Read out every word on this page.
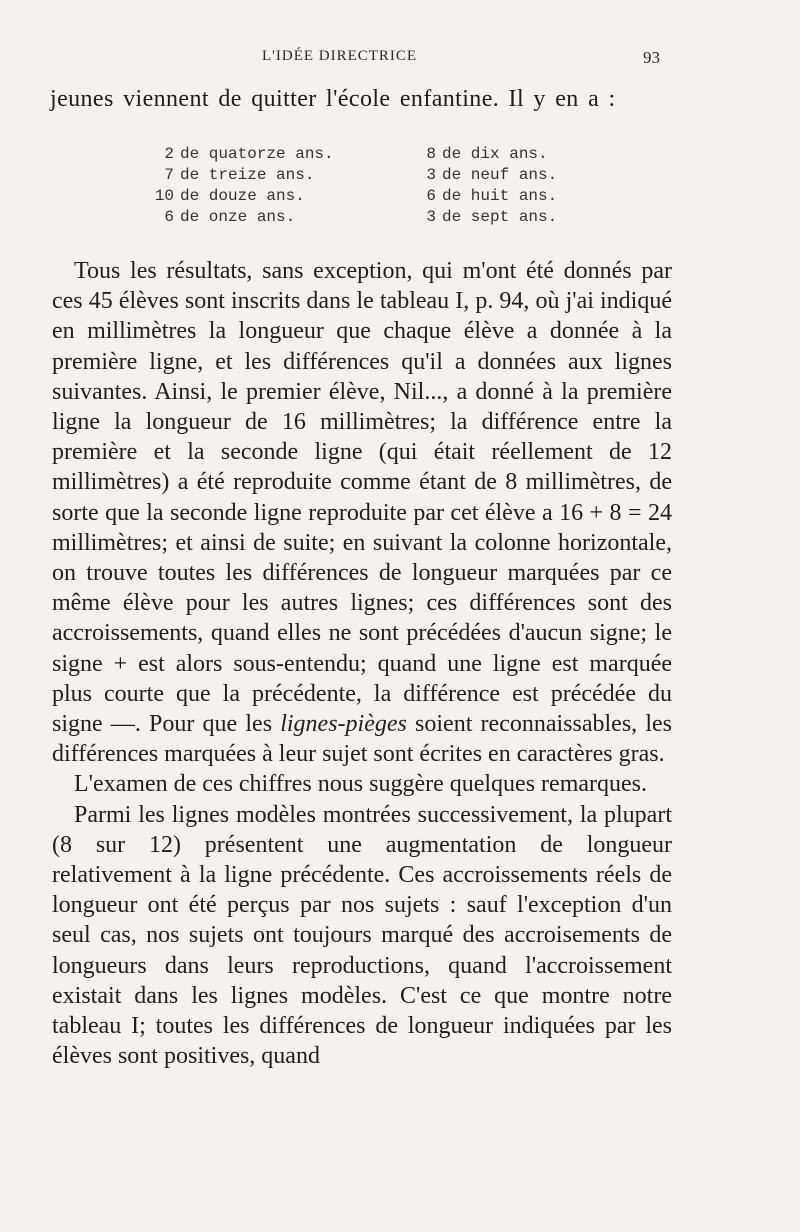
L'IDÉE DIRECTRICE	93
jeunes viennent de quitter l'école enfantine. Il y en a :
2 de quatorze ans.
7 de treize ans.
10 de douze ans.
6 de onze ans.
8 de dix ans.
3 de neuf ans.
6 de huit ans.
3 de sept ans.

Tous les résultats, sans exception, qui m'ont été donnés par ces 45 élèves sont inscrits dans le tableau I, p. 94, où j'ai indiqué en millimètres la longueur que chaque élève a donnée à la première ligne, et les différences qu'il a données aux lignes suivantes. Ainsi, le premier élève, Nil..., a donné à la première ligne la longueur de 16 millimètres; la différence entre la première et la seconde ligne (qui était réellement de 12 millimètres) a été reproduite comme étant de 8 millimètres, de sorte que la seconde ligne reproduite par cet élève a 16 + 8 = 24 millimètres; et ainsi de suite; en suivant la colonne horizontale, on trouve toutes les différences de longueur marquées par ce même élève pour les autres lignes; ces différences sont des accroissements, quand elles ne sont précédées d'aucun signe; le signe + est alors sous-entendu; quand une ligne est marquée plus courte que la précédente, la différence est précédée du signe —. Pour que les lignes-pièges soient reconnaissables, les différences marquées à leur sujet sont écrites en caractères gras.

L'examen de ces chiffres nous suggère quelques remarques.

Parmi les lignes modèles montrées successivement, la plupart (8 sur 12) présentent une augmentation de longueur relativement à la ligne précédente. Ces accroissements réels de longueur ont été perçus par nos sujets : sauf l'exception d'un seul cas, nos sujets ont toujours marqué des accroisements de longueurs dans leurs reproductions, quand l'accroissement existait dans les lignes modèles. C'est ce que montre notre tableau I; toutes les différences de longueur indiquées par les élèves sont positives, quand
